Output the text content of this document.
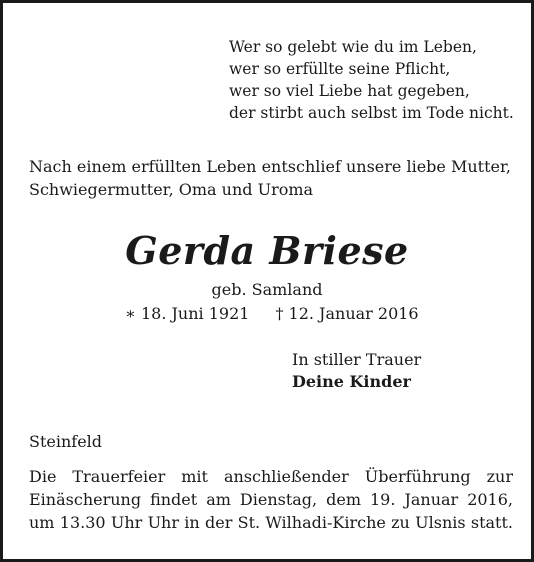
Wer so gelebt wie du im Leben,
wer so erfüllte seine Pflicht,
wer so viel Liebe hat gegeben,
der stirbt auch selbst im Tode nicht.
Nach einem erfüllten Leben entschlief unsere liebe Mutter,
Schwiegermutter, Oma und Uroma
Gerda Briese
geb. Samland
∗ 18. Juni 1921 † 12. Januar 2016
In stiller Trauer
Deine Kinder
Steinfeld
Die Trauerfeier mit anschließender Überführung zur
Einäscherung findet am Dienstag, dem 19. Januar 2016,
um 13.30 Uhr Uhr in der St. Wilhadi-Kirche zu Ulsnis statt.
